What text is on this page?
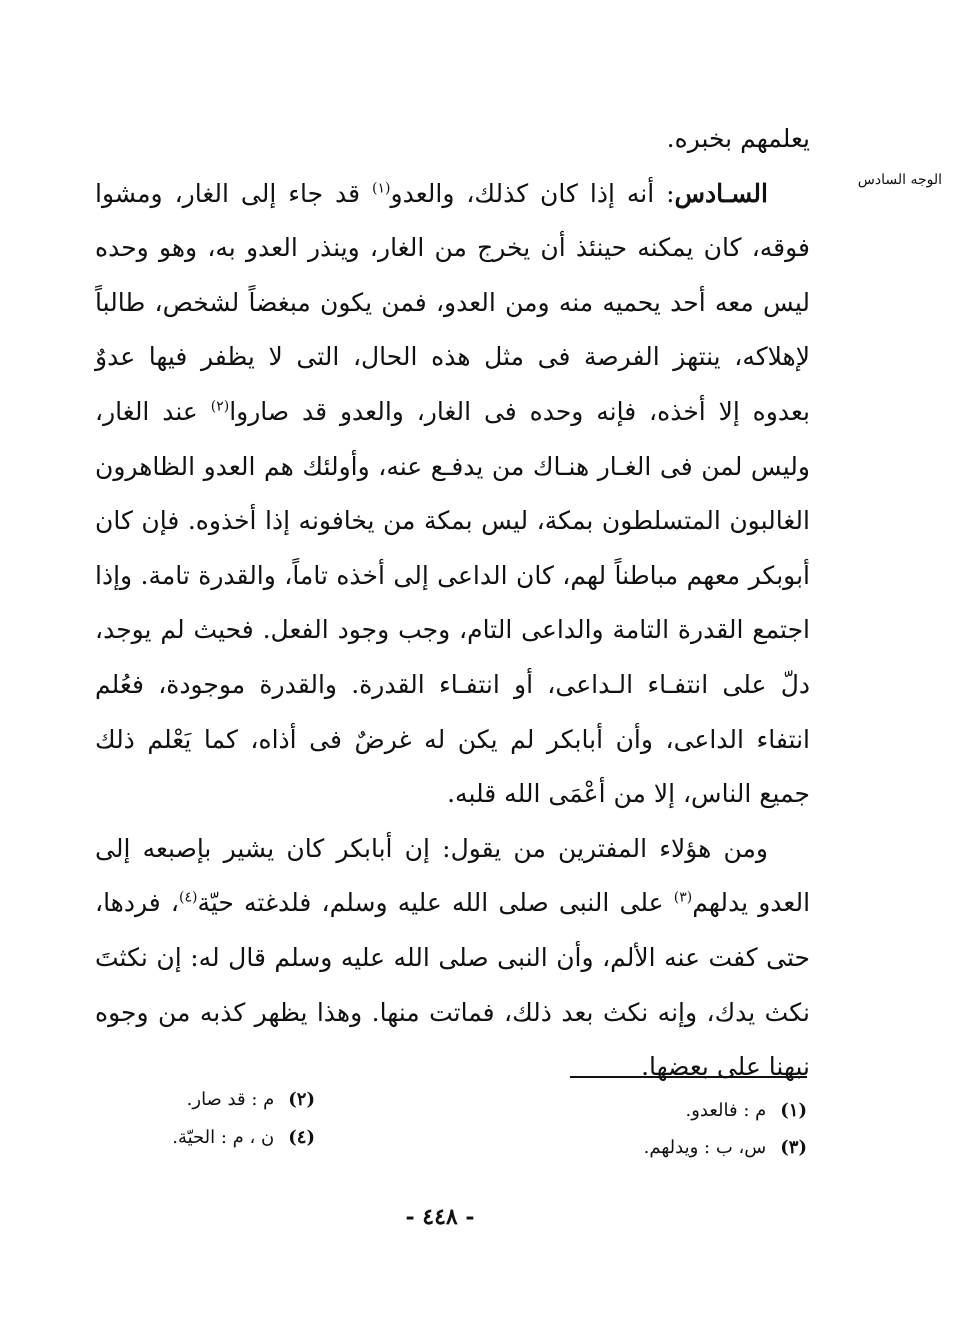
الوجه السادس

يعلمهم بخبره.

السـادس: أنه إذا كان كذلك، والعدو$^{(١)}$ قد جاء إلى الغار، ومشوا فوقه، كان يمكنه حينئذ أن يخرج من الغار، وينذر العدو به، وهو وحده ليس معه أحد يحميه منه ومن العدو، فمن يكون مبغضاً لشخص، طالباً لإهلاكه، ينتهز الفرصة فى مثل هذه الحال، التى لا يظفر فيها عدوٌ بعدوه إلا أخذه، فإنه وحده فى الغار، والعدو قد صاروا$^{(٢)}$ عند الغار، وليس لمن فى الغـار هنـاك من يدفـع عنه، وأولئك هم العدو الظاهرون الغالبون المتسلطون بمكة، ليس بمكة من يخافونه إذا أخذوه. فإن كان أبوبكر معهم مباطناً لهم، كان الداعى إلى أخذه تاماً، والقدرة تامة. وإذا اجتمع القدرة التامة والداعى التام، وجب وجود الفعل. فحيث لم يوجد، دلّ على انتفـاء الـداعى، أو انتفـاء القدرة. والقدرة موجودة، فعُلم انتفاء الداعى، وأن أبابكر لم يكن له غرضٌ فى أذاه، كما يَعْلم ذلك جميع الناس، إلا من أعْمَى الله قلبه.

ومن هؤلاء المفترين من يقول: إن أبابكر كان يشير بإصبعه إلى العدو يدلهم$^{(٣)}$ على النبى صلى الله عليه وسلم، فلدغته حيّة$^{(٤)}$، فردها، حتى كفت عنه الألم، وأن النبى صلى الله عليه وسلم قال له: إن نكثتَ نكث يدك، وإنه نكث بعد ذلك، فماتت منها. وهذا يظهر كذبه من وجوه نبهنا على بعضها.

(١)م : فالعدو.
(٢)م : قد صار.
(٣)س، ب : ويدلهم.
(٤)ن ، م : الحيّة.
- ٤٤٨ -
